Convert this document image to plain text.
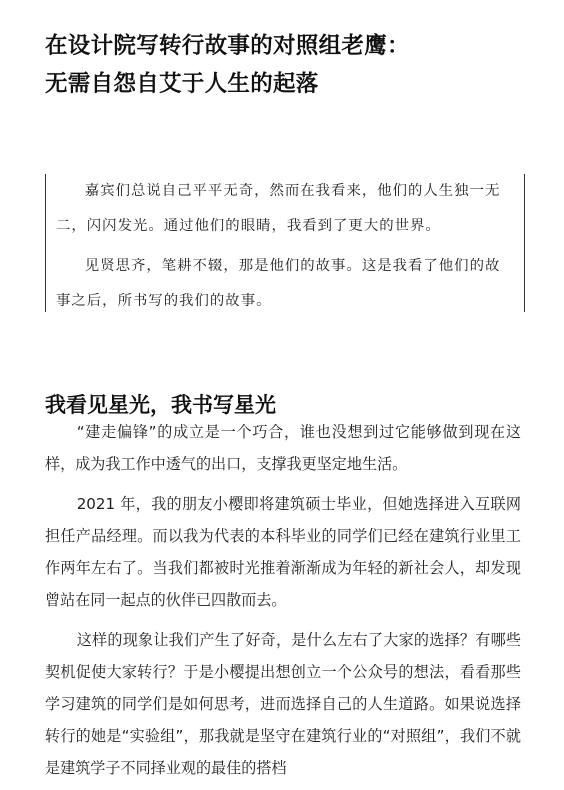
在设计院写转行故事的对照组老鹰：
无需自怨自艾于人生的起落

嘉宾们总说自己平平无奇，然而在我看来，他们的人生独一无二，闪闪发光。通过他们的眼睛，我看到了更大的世界。

见贤思齐，笔耕不辍，那是他们的故事。这是我看了他们的故事之后，所书写的我们的故事。

我看见星光，我书写星光

“建走偏锋”的成立是一个巧合，谁也没想到过它能够做到现在这样，成为我工作中透气的出口，支撑我更坚定地生活。

2021 年，我的朋友小樱即将建筑硕士毕业，但她选择进入互联网担任产品经理。而以我为代表的本科毕业的同学们已经在建筑行业里工作两年左右了。当我们都被时光推着渐渐成为年轻的新社会人，却发现曾站在同一起点的伙伴已四散而去。

这样的现象让我们产生了好奇，是什么左右了大家的选择？有哪些契机促使大家转行？于是小樱提出想创立一个公众号的想法，看看那些学习建筑的同学们是如何思考，进而选择自己的人生道路。如果说选择转行的她是“实验组”，那我就是坚守在建筑行业的“对照组”，我们不就是建筑学子不同择业观的最佳的搭档
